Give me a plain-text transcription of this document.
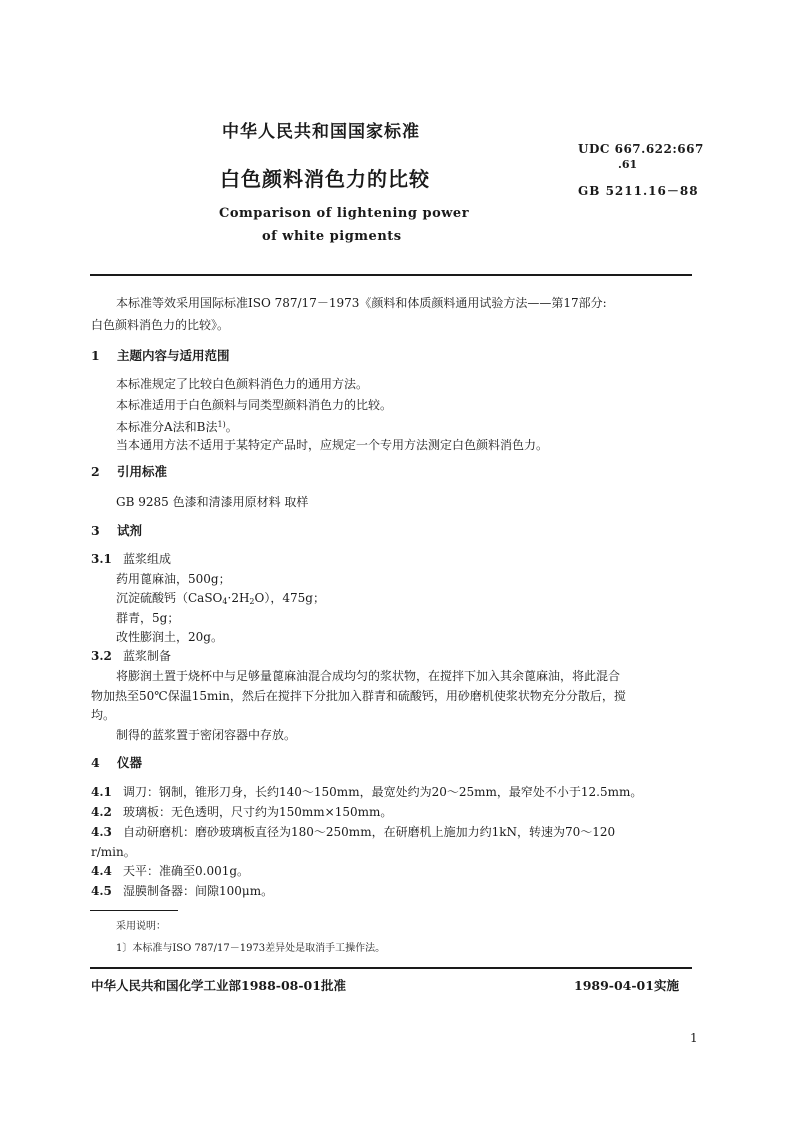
中华人民共和国国家标准
白色颜料消色力的比较
Comparison of lightening power
of white pigments
UDC 667.622:667
.61
GB 5211.16－88
本标准等效采用国际标准ISO 787/17－1973《颜料和体质颜料通用试验方法——第17部分:
白色颜料消色力的比较》。
1 主题内容与适用范围
本标准规定了比较白色颜料消色力的通用方法。
本标准适用于白色颜料与同类型颜料消色力的比较。
本标准分A法和B法$^{1)}$。
当本通用方法不适用于某特定产品时，应规定一个专用方法测定白色颜料消色力。
2 引用标准
GB 9285 色漆和清漆用原材料 取样
3 试剂
3.1 蓝浆组成
药用蓖麻油，500g；
沉淀硫酸钙$(CaSO_4\cdot 2H_2O)$，475g；
群青，5g；
改性膨润土，20g。
3.2 蓝浆制备
将膨润土置于烧杯中与足够量蓖麻油混合成均匀的浆状物，在搅拌下加入其余蓖麻油，将此混合
物加热至50℃保温15min，然后在搅拌下分批加入群青和硫酸钙，用砂磨机使浆状物充分分散后，搅
均。
制得的蓝浆置于密闭容器中存放。
4 仪器
4.1 调刀：钢制，锥形刀身，长约140～150mm，最宽处约为20～25mm，最窄处不小于12.5mm。
4.2 玻璃板：无色透明，尺寸约为150mm×150mm。
4.3 自动研磨机：磨砂玻璃板直径为180～250mm，在研磨机上施加力约1kN，转速为70～120
r/min。
4.4 天平：准确至0.001g。
4.5 湿膜制备器：间隙100μm。
采用说明：
1〕本标准与ISO 787/17－1973差异处是取消手工操作法。
中华人民共和国化学工业部1988-08-01批准	1989-04-01实施
1
